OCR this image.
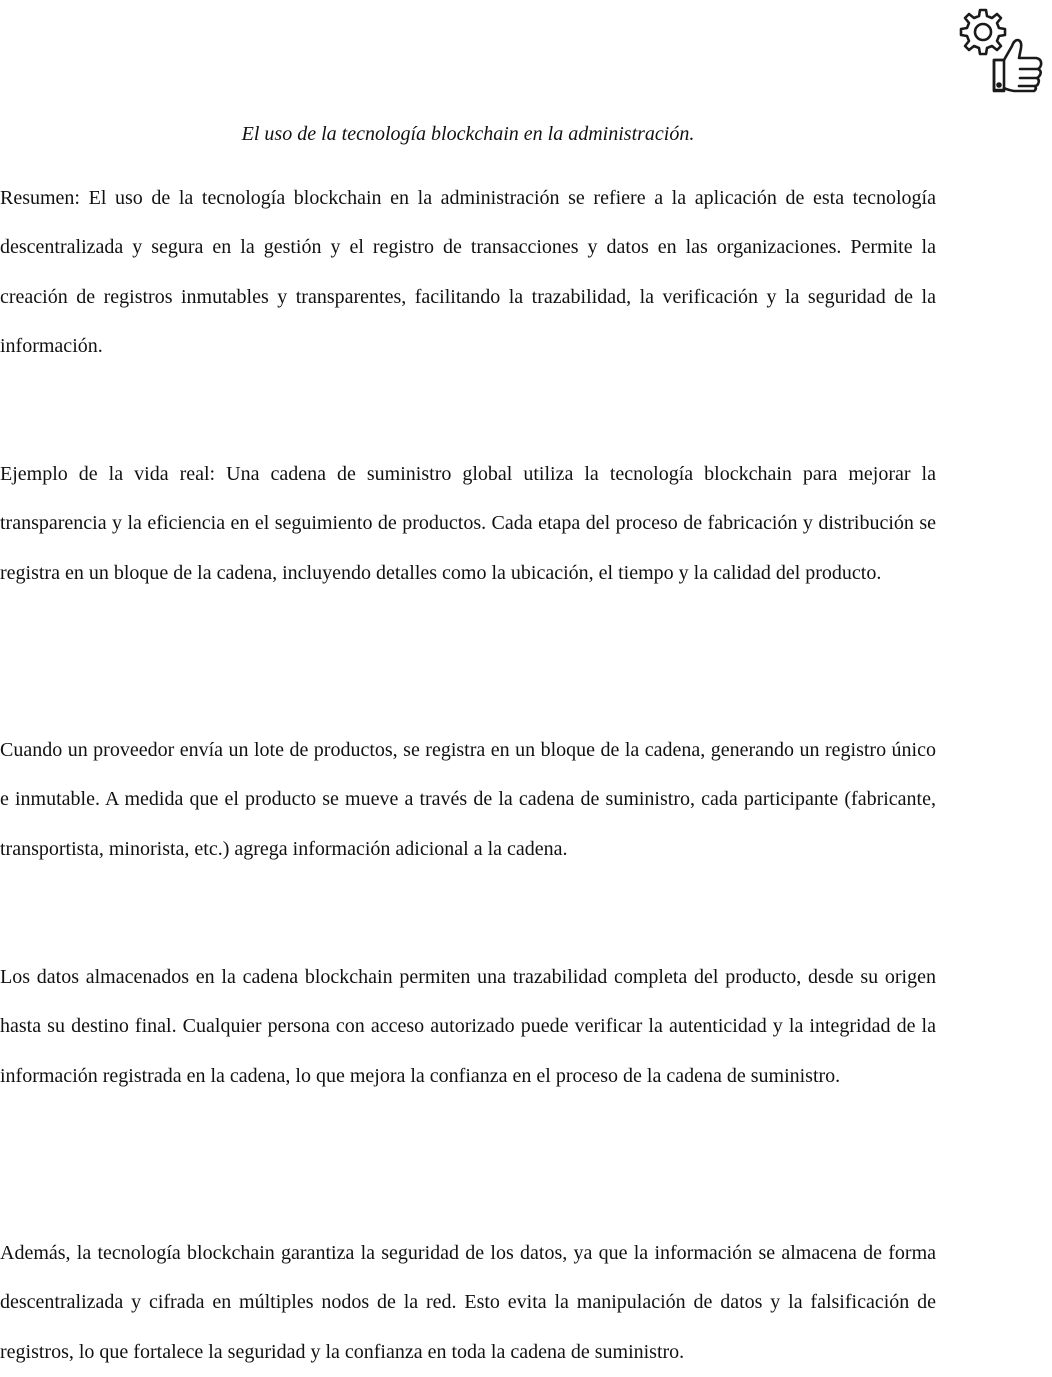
El uso de la tecnología blockchain en la administración.

Resumen: El uso de la tecnología blockchain en la administración se refiere a la aplicación de esta tecnología descentralizada y segura en la gestión y el registro de transacciones y datos en las organizaciones. Permite la creación de registros inmutables y transparentes, facilitando la trazabilidad, la verificación y la seguridad de la información.

Ejemplo de la vida real: Una cadena de suministro global utiliza la tecnología blockchain para mejorar la transparencia y la eficiencia en el seguimiento de productos. Cada etapa del proceso de fabricación y distribución se registra en un bloque de la cadena, incluyendo detalles como la ubicación, el tiempo y la calidad del producto.

Cuando un proveedor envía un lote de productos, se registra en un bloque de la cadena, generando un registro único e inmutable. A medida que el producto se mueve a través de la cadena de suministro, cada participante (fabricante, transportista, minorista, etc.) agrega información adicional a la cadena.

Los datos almacenados en la cadena blockchain permiten una trazabilidad completa del producto, desde su origen hasta su destino final. Cualquier persona con acceso autorizado puede verificar la autenticidad y la integridad de la información registrada en la cadena, lo que mejora la confianza en el proceso de la cadena de suministro.

Además, la tecnología blockchain garantiza la seguridad de los datos, ya que la información se almacena de forma descentralizada y cifrada en múltiples nodos de la red. Esto evita la manipulación de datos y la falsificación de registros, lo que fortalece la seguridad y la confianza en toda la cadena de suministro.
